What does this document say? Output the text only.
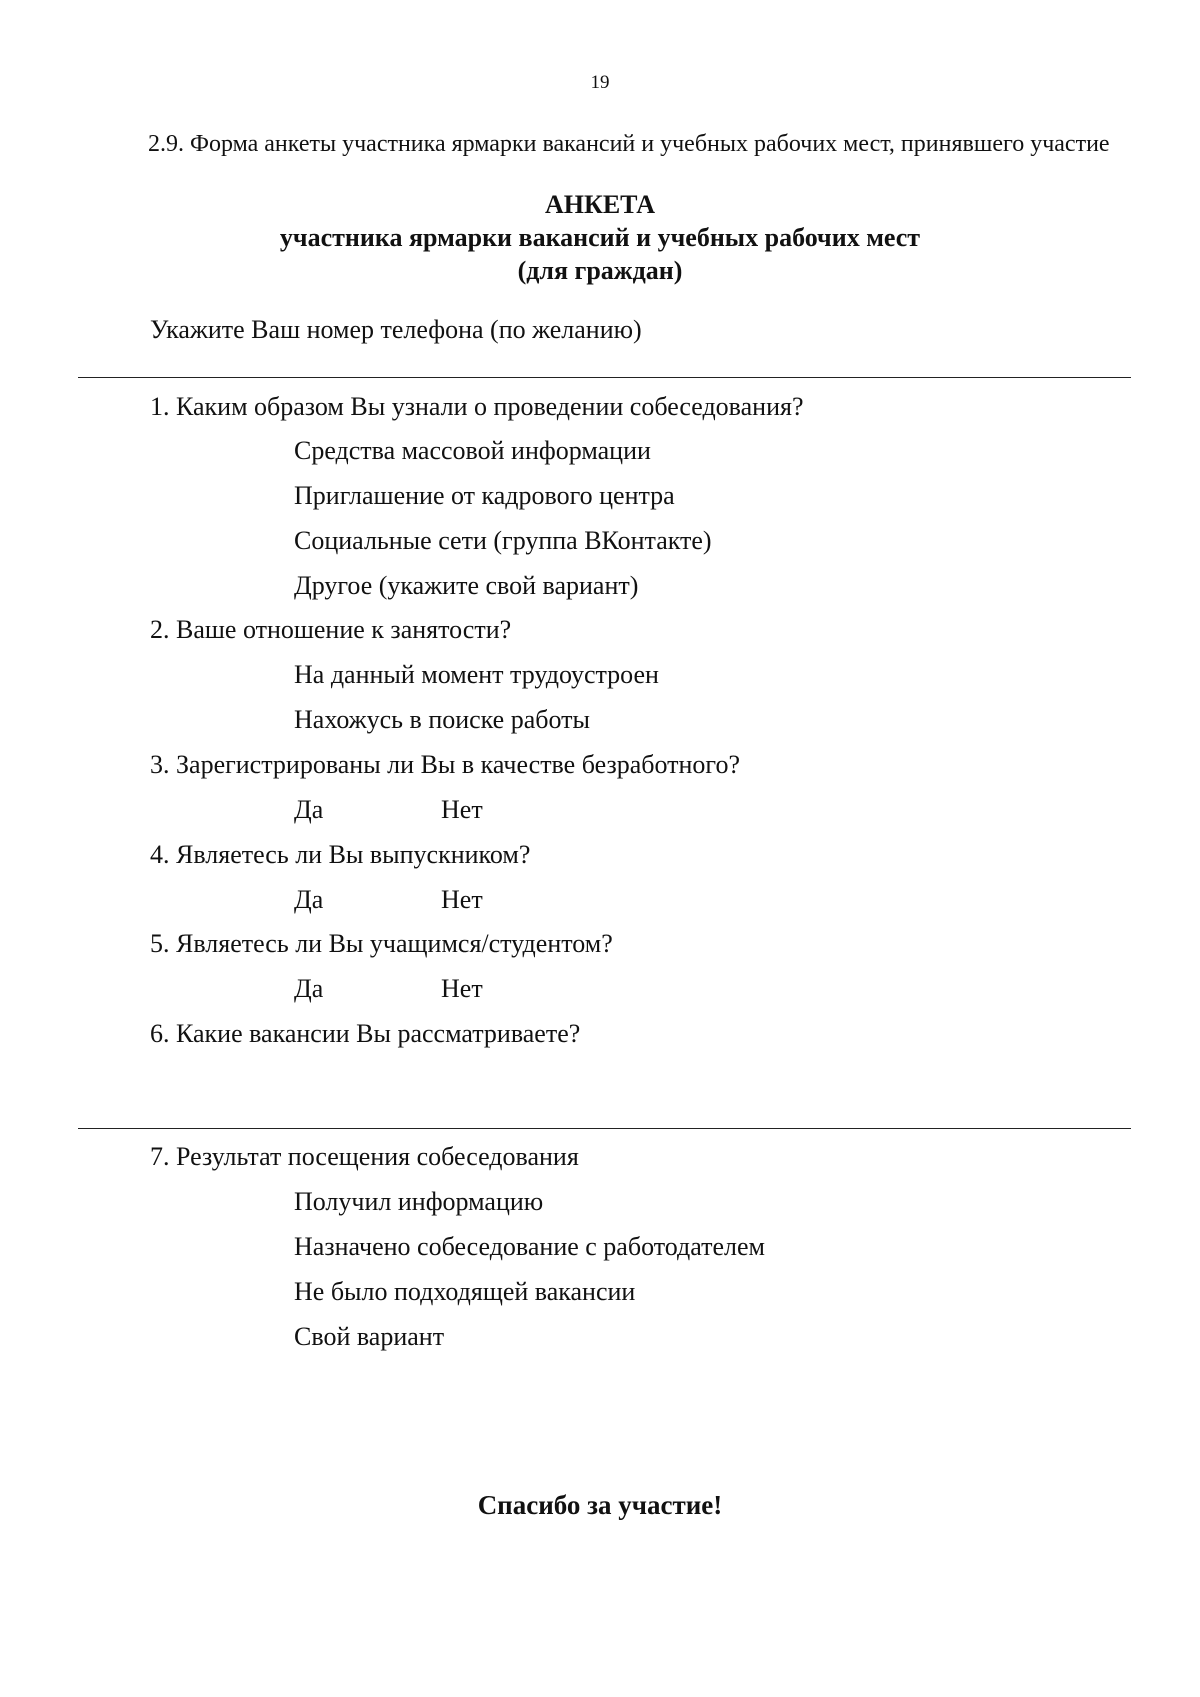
19
2.9. Форма анкеты участника ярмарки вакансий и учебных рабочих мест, принявшего участие
АНКЕТА
участника ярмарки вакансий и учебных рабочих мест
(для граждан)
Укажите Ваш номер телефона (по желанию)
1. Каким образом Вы узнали о проведении собеседования?
Средства массовой информации
Приглашение от кадрового центра
Социальные сети (группа ВКонтакте)
Другое (укажите свой вариант)
2. Ваше отношение к занятости?
На данный момент трудоустроен
Нахожусь в поиске работы
3. Зарегистрированы ли Вы в качестве безработного?
Да	Нет
4. Являетесь ли Вы выпускником?
Да	Нет
5. Являетесь ли Вы учащимся/студентом?
Да	Нет
6. Какие вакансии Вы рассматриваете?
7. Результат посещения собеседования
Получил информацию
Назначено собеседование с работодателем
Не было подходящей вакансии
Свой вариант
Спасибо за участие!
